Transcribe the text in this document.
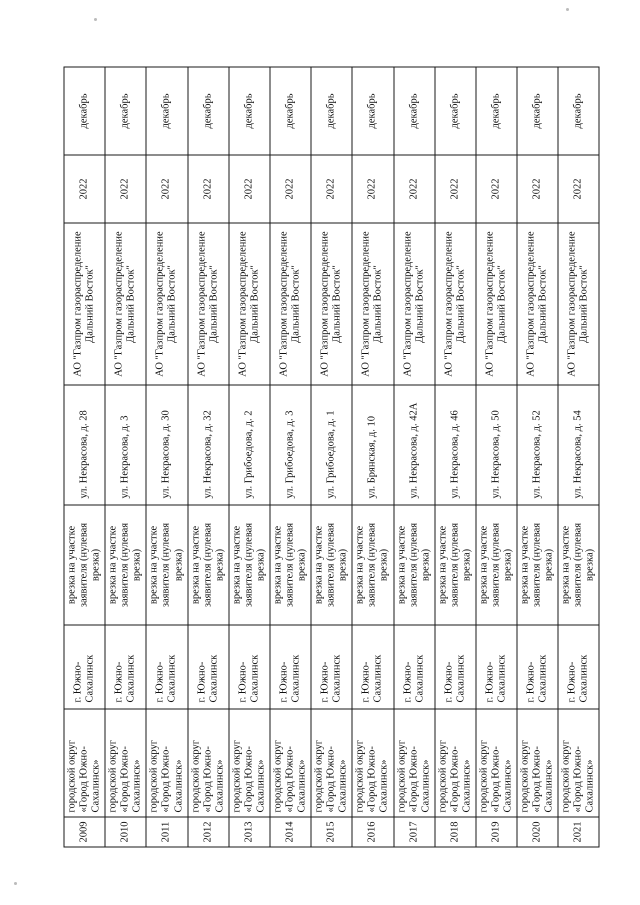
2009	городской округ «Город Южно-Сахалинск»	г. Южно-Сахалинск	врезка на участке заявителя (нулевая врезка)	ул. Некрасова, д. 28	АО "Газпром газораспределение Дальний Восток"	2022	декабрь
2010	городской округ «Город Южно-Сахалинск»	г. Южно-Сахалинск	врезка на участке заявителя (нулевая врезка)	ул. Некрасова, д. 3	АО "Газпром газораспределение Дальний Восток"	2022	декабрь
2011	городской округ «Город Южно-Сахалинск»	г. Южно-Сахалинск	врезка на участке заявителя (нулевая врезка)	ул. Некрасова, д. 30	АО "Газпром газораспределение Дальний Восток"	2022	декабрь
2012	городской округ «Город Южно-Сахалинск»	г. Южно-Сахалинск	врезка на участке заявителя (нулевая врезка)	ул. Некрасова, д. 32	АО "Газпром газораспределение Дальний Восток"	2022	декабрь
2013	городской округ «Город Южно-Сахалинск»	г. Южно-Сахалинск	врезка на участке заявителя (нулевая врезка)	ул. Грибоедова, д. 2	АО "Газпром газораспределение Дальний Восток"	2022	декабрь
2014	городской округ «Город Южно-Сахалинск»	г. Южно-Сахалинск	врезка на участке заявителя (нулевая врезка)	ул. Грибоедова, д. 3	АО "Газпром газораспределение Дальний Восток"	2022	декабрь
2015	городской округ «Город Южно-Сахалинск»	г. Южно-Сахалинск	врезка на участке заявителя (нулевая врезка)	ул. Грибоедова, д. 1	АО "Газпром газораспределение Дальний Восток"	2022	декабрь
2016	городской округ «Город Южно-Сахалинск»	г. Южно-Сахалинск	врезка на участке заявителя (нулевая врезка)	ул. Брянская, д. 10	АО "Газпром газораспределение Дальний Восток"	2022	декабрь
2017	городской округ «Город Южно-Сахалинск»	г. Южно-Сахалинск	врезка на участке заявителя (нулевая врезка)	ул. Некрасова, д. 42А	АО "Газпром газораспределение Дальний Восток"	2022	декабрь
2018	городской округ «Город Южно-Сахалинск»	г. Южно-Сахалинск	врезка на участке заявителя (нулевая врезка)	ул. Некрасова, д. 46	АО "Газпром газораспределение Дальний Восток"	2022	декабрь
2019	городской округ «Город Южно-Сахалинск»	г. Южно-Сахалинск	врезка на участке заявителя (нулевая врезка)	ул. Некрасова, д. 50	АО "Газпром газораспределение Дальний Восток"	2022	декабрь
2020	городской округ «Город Южно-Сахалинск»	г. Южно-Сахалинск	врезка на участке заявителя (нулевая врезка)	ул. Некрасова, д. 52	АО "Газпром газораспределение Дальний Восток"	2022	декабрь
2021	городской округ «Город Южно-Сахалинск»	г. Южно-Сахалинск	врезка на участке заявителя (нулевая врезка)	ул. Некрасова, д. 54	АО "Газпром газораспределение Дальний Восток"	2022	декабрь
